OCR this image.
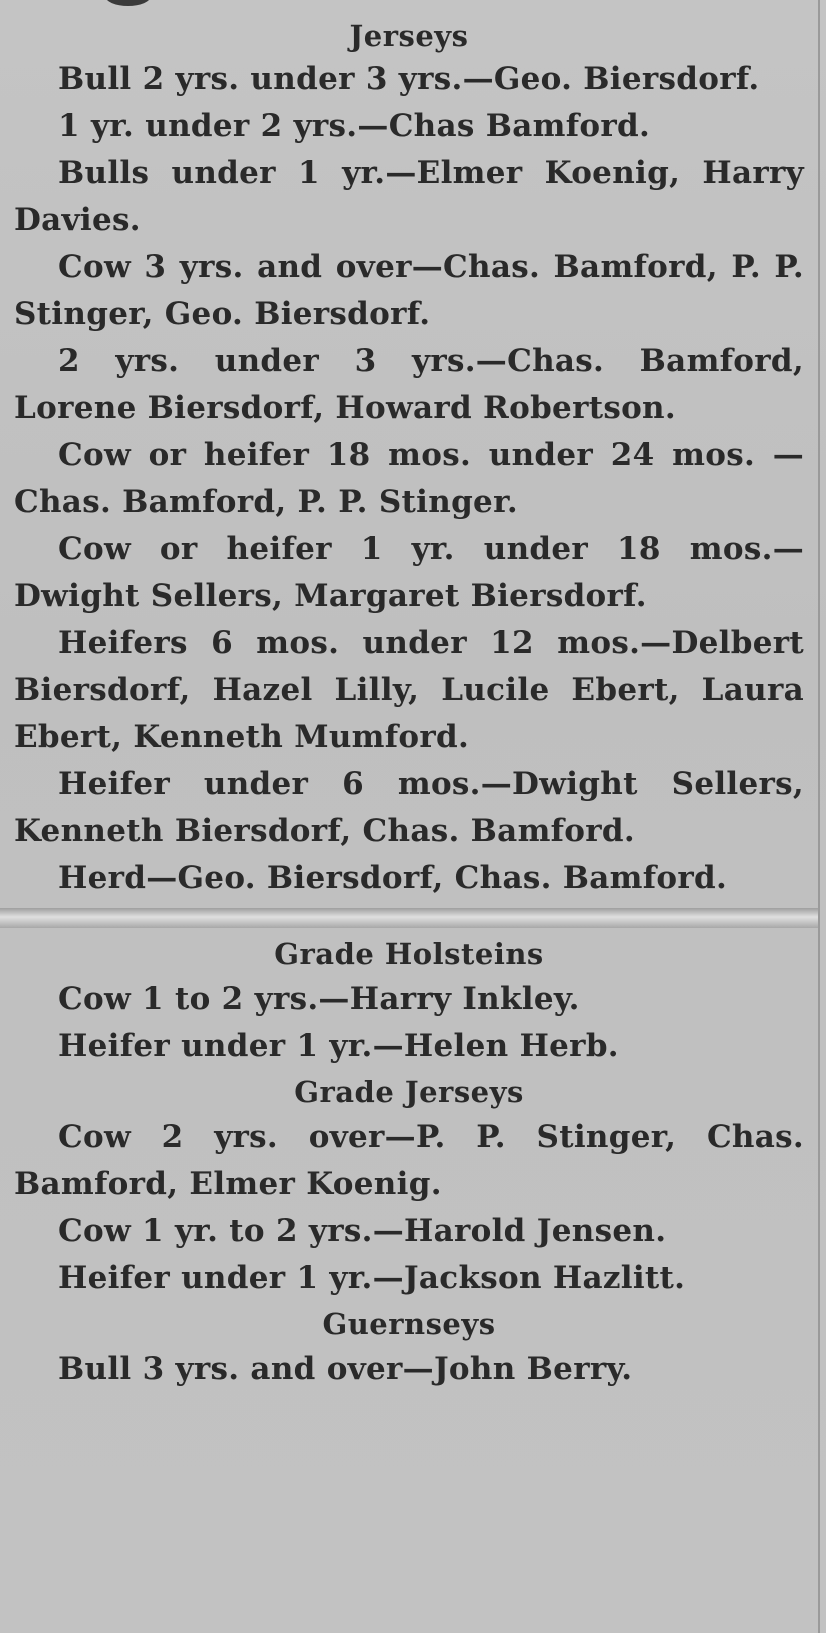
Jerseys

Bull 2 yrs. under 3 yrs.—Geo. Biersdorf.

1 yr. under 2 yrs.—Chas Bamford.

Bulls under 1 yr.—Elmer Koenig, Harry Davies.

Cow 3 yrs. and over—Chas. Bamford, P. P. Stinger, Geo. Biersdorf.

2 yrs. under 3 yrs.—Chas. Bamford, Lorene Biersdorf, Howard Robertson.

Cow or heifer 18 mos. under 24 mos. —Chas. Bamford, P. P. Stinger.

Cow or heifer 1 yr. under 18 mos.— Dwight Sellers, Margaret Biersdorf.

Heifers 6 mos. under 12 mos.—Delbert Biersdorf, Hazel Lilly, Lucile Ebert, Laura Ebert, Kenneth Mumford.

Heifer under 6 mos.—Dwight Sellers, Kenneth Biersdorf, Chas. Bamford.

Herd—Geo. Biersdorf, Chas. Bamford.

Grade Holsteins

Cow 1 to 2 yrs.—Harry Inkley.

Heifer under 1 yr.—Helen Herb.

Grade Jerseys

Cow 2 yrs. over—P. P. Stinger, Chas. Bamford, Elmer Koenig.

Cow 1 yr. to 2 yrs.—Harold Jensen.

Heifer under 1 yr.—Jackson Hazlitt.

Guernseys

Bull 3 yrs. and over—John Berry.
